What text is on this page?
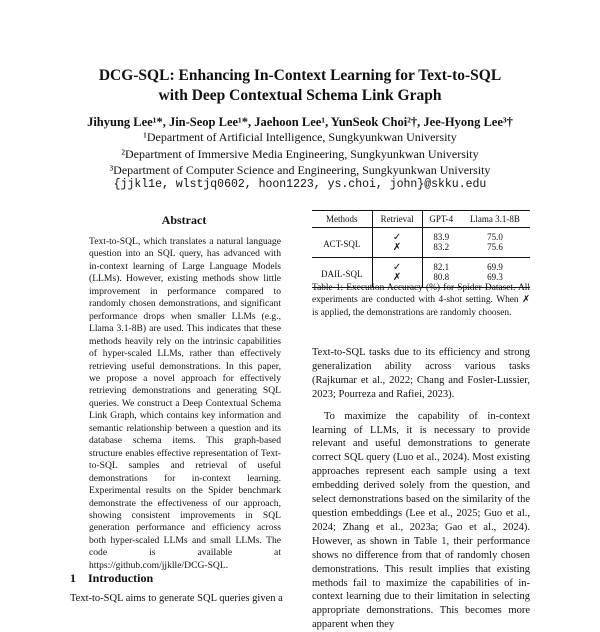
DCG-SQL: Enhancing In-Context Learning for Text-to-SQL
with Deep Contextual Schema Link Graph
Jihyung Lee¹*, Jin-Seop Lee¹*, Jaehoon Lee¹, YunSeok Choi²†, Jee-Hyong Lee³†
¹Department of Artificial Intelligence, Sungkyunkwan University
²Department of Immersive Media Engineering, Sungkyunkwan University
³Department of Computer Science and Engineering, Sungkyunkwan University
{jjkl1e, wlstjq0602, hoon1223, ys.choi, john}@skku.edu
Abstract
Text-to-SQL, which translates a natural language question into an SQL query, has advanced with in-context learning of Large Language Models (LLMs). However, existing methods show little improvement in performance compared to randomly chosen demonstrations, and significant performance drops when smaller LLMs (e.g., Llama 3.1-8B) are used. This indicates that these methods heavily rely on the intrinsic capabilities of hyper-scaled LLMs, rather than effectively retrieving useful demonstrations. In this paper, we propose a novel approach for effectively retrieving demonstrations and generating SQL queries. We construct a Deep Contextual Schema Link Graph, which contains key information and semantic relationship between a question and its database schema items. This graph-based structure enables effective representation of Text-to-SQL samples and retrieval of useful demonstrations for in-context learning. Experimental results on the Spider benchmark demonstrate the effectiveness of our approach, showing consistent improvements in SQL generation performance and efficiency across both hyper-scaled LLMs and small LLMs. The code is available at https://github.com/jjklle/DCG-SQL.
1 Introduction
Text-to-SQL aims to generate SQL queries given a
Methods	Retrieval	GPT-4	Llama 3.1-8B
ACT-SQL	✓	83.9	75.0
	✗	83.2	75.6
DAIL-SQL	✓	82.1	69.9
	✗	80.8	69.3
Table 1: Execution Accuracy (%) for Spider Dataset. All experiments are conducted with 4-shot setting. When ✗ is applied, the demonstrations are randomly choosen.

Text-to-SQL tasks due to its efficiency and strong generalization ability across various tasks (Rajkumar et al., 2022; Chang and Fosler-Lussier, 2023; Pourreza and Rafiei, 2023).

To maximize the capability of in-context learning of LLMs, it is necessary to provide relevant and useful demonstrations to generate correct SQL query (Luo et al., 2024). Most existing approaches represent each sample using a text embedding derived solely from the question, and select demonstrations based on the similarity of the question embeddings (Lee et al., 2025; Guo et al., 2024; Zhang et al., 2023a; Gao et al., 2024). However, as shown in Table 1, their performance shows no difference from that of randomly chosen demonstrations. This result implies that existing methods fail to maximize the capabilities of in-context learning due to their limitation in selecting appropriate demonstrations. This becomes more apparent when they
